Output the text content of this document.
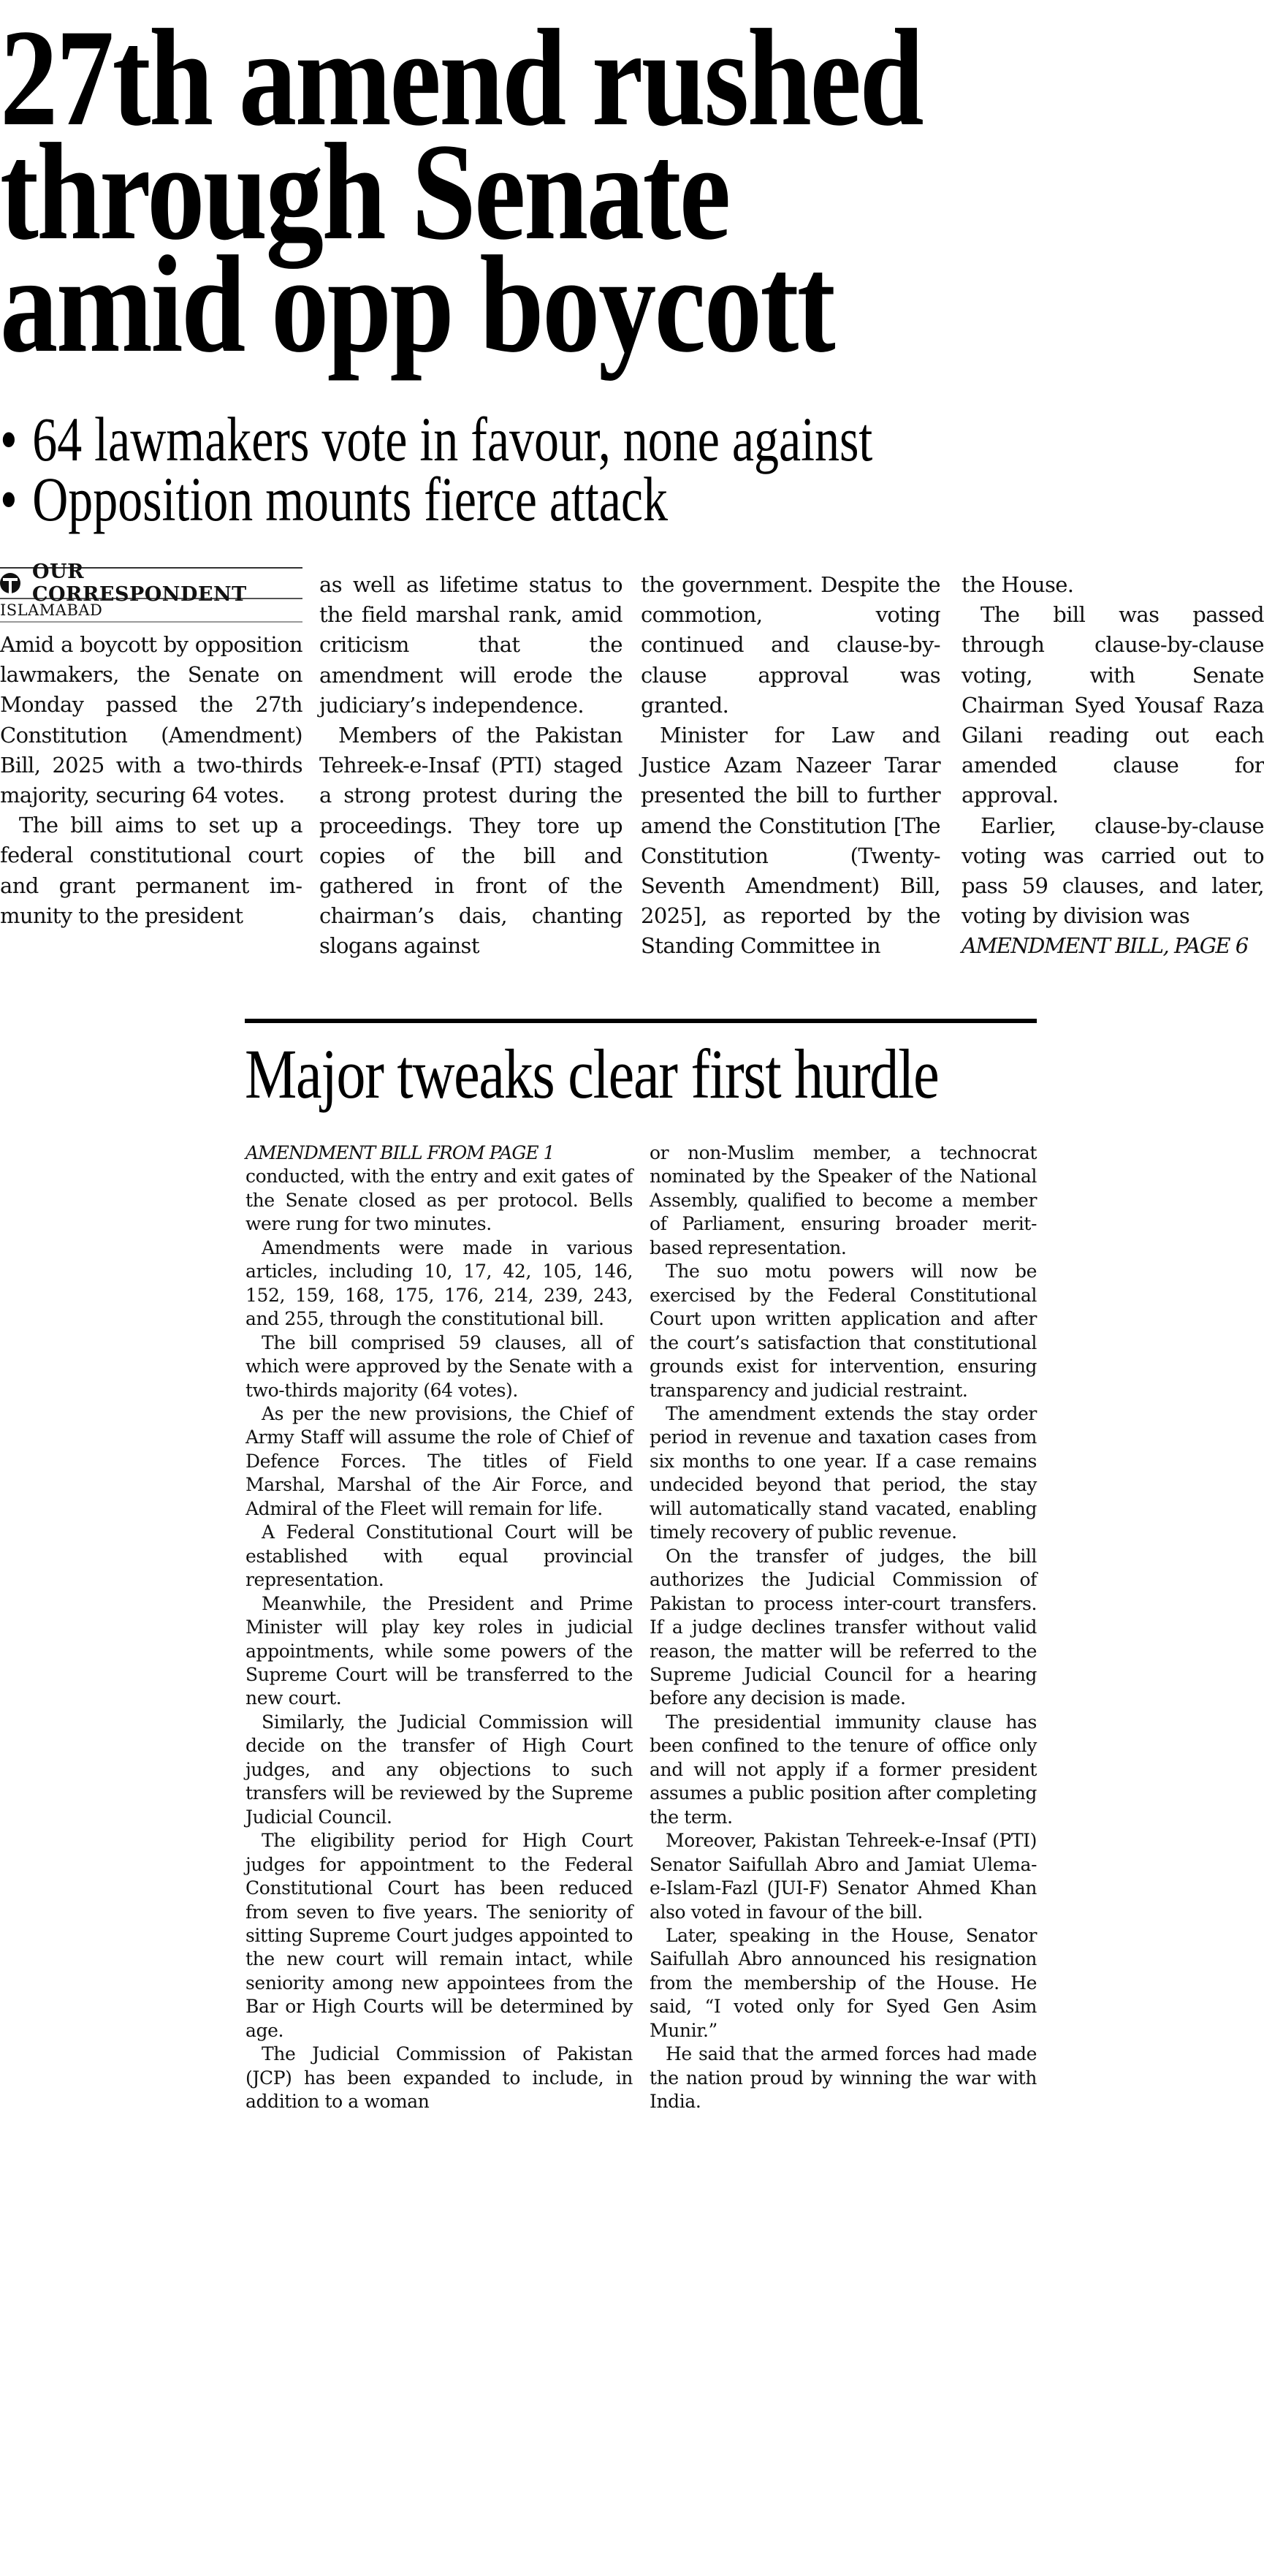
27th amend rushed
through Senate
amid opp boycott
• 64 lawmakers vote in favour, none against
• Opposition mounts fierce attack
OUR CORRESPONDENT
ISLAMABAD

Amid a boycott by opposition lawmakers, the Senate on Monday passed the 27th Constitution (Amendment) Bill, 2025 with a two-thirds majority, securing 64 votes.

The bill aims to set up a federal constitutional court and grant permanent immunity to the president

as well as lifetime status to the field marshal rank, amid criticism that the amendment will erode the judiciary’s independence.

Members of the Pakistan Tehreek-e-Insaf (PTI) staged a strong protest during the proceedings. They tore up copies of the bill and gathered in front of the chairman’s dais, chanting slogans against

the government. Despite the commotion, voting continued and clause-by-clause approval was granted.

Minister for Law and Justice Azam Nazeer Tarar presented the bill to further amend the Constitution [The Constitution (Twenty-Seventh Amendment) Bill, 2025], as reported by the Standing Committee in

the House.

The bill was passed through clause-by-clause voting, with Senate Chairman Syed Yousaf Raza Gilani reading out each amended clause for approval.

Earlier, clause-by-clause voting was carried out to pass 59 clauses, and later, voting by division was

AMENDMENT BILL, PAGE 6

Major tweaks clear first hurdle

AMENDMENT BILL FROM PAGE 1

conducted, with the entry and exit gates of the Senate closed as per protocol. Bells were rung for two minutes.

Amendments were made in various articles, including 10, 17, 42, 105, 146, 152, 159, 168, 175, 176, 214, 239, 243, and 255, through the constitutional bill.

The bill comprised 59 clauses, all of which were approved by the Senate with a two-thirds majority (64 votes).

As per the new provisions, the Chief of Army Staff will assume the role of Chief of Defence Forces. The titles of Field Marshal, Marshal of the Air Force, and Admiral of the Fleet will remain for life.

A Federal Constitutional Court will be established with equal provincial representation.

Meanwhile, the President and Prime Minister will play key roles in judicial appointments, while some powers of the Supreme Court will be transferred to the new court.

Similarly, the Judicial Commission will decide on the transfer of High Court judges, and any objections to such transfers will be reviewed by the Supreme Judicial Council.

The eligibility period for High Court judges for appointment to the Federal Constitutional Court has been reduced from seven to five years. The seniority of sitting Supreme Court judges appointed to the new court will remain intact, while seniority among new appointees from the Bar or High Courts will be determined by age.

The Judicial Commission of Pakistan (JCP) has been expanded to include, in addition to a woman

or non-Muslim member, a technocrat nominated by the Speaker of the National Assembly, qualified to become a member of Parliament, ensuring broader merit-based representation.

The suo motu powers will now be exercised by the Federal Constitutional Court upon written application and after the court’s satisfaction that constitutional grounds exist for intervention, ensuring transparency and judicial restraint.

The amendment extends the stay order period in revenue and taxation cases from six months to one year. If a case remains undecided beyond that period, the stay will automatically stand vacated, enabling timely recovery of public revenue.

On the transfer of judges, the bill authorizes the Judicial Commission of Pakistan to process inter-court transfers. If a judge declines transfer without valid reason, the matter will be referred to the Supreme Judicial Council for a hearing before any decision is made.

The presidential immunity clause has been confined to the tenure of office only and will not apply if a former president assumes a public position after completing the term.

Moreover, Pakistan Tehreek-e-Insaf (PTI) Senator Saifullah Abro and Jamiat Ulema-e-Islam-Fazl (JUI-F) Senator Ahmed Khan also voted in favour of the bill.

Later, speaking in the House, Senator Saifullah Abro announced his resignation from the membership of the House. He said, “I voted only for Syed Gen Asim Munir.”

He said that the armed forces had made the nation proud by winning the war with India.
